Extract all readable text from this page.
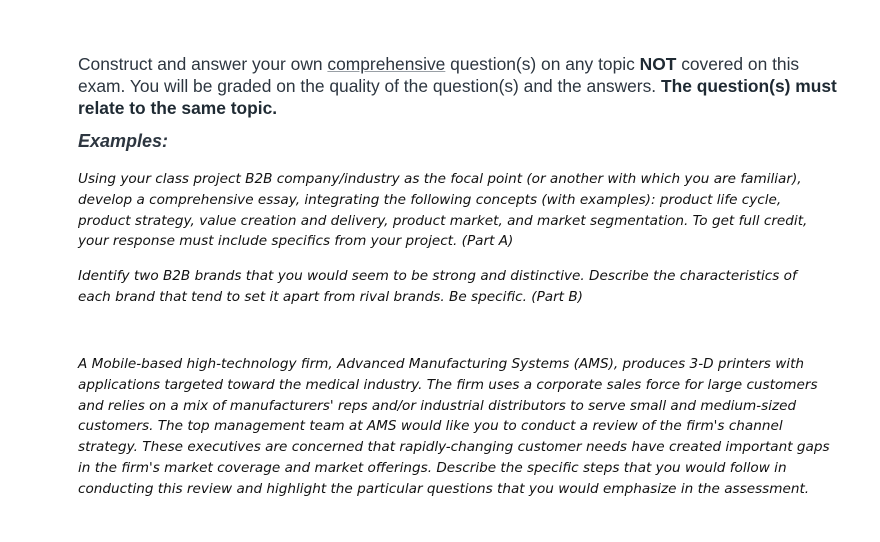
Construct and answer your own comprehensive question(s) on any topic NOT covered on this exam. You will be graded on the quality of the question(s) and the answers. The question(s) must relate to the same topic.

Examples:

Using your class project B2B company/industry as the focal point (or another with which you are familiar), develop a comprehensive essay, integrating the following concepts (with examples): product life cycle, product strategy, value creation and delivery, product market, and market segmentation. To get full credit, your response must include specifics from your project. (Part A)

Identify two B2B brands that you would seem to be strong and distinctive. Describe the characteristics of each brand that tend to set it apart from rival brands. Be specific. (Part B)

A Mobile-based high-technology firm, Advanced Manufacturing Systems (AMS), produces 3-D printers with applications targeted toward the medical industry. The firm uses a corporate sales force for large customers and relies on a mix of manufacturers' reps and/or industrial distributors to serve small and medium-sized customers. The top management team at AMS would like you to conduct a review of the firm's channel strategy. These executives are concerned that rapidly-changing customer needs have created important gaps in the firm's market coverage and market offerings. Describe the specific steps that you would follow in conducting this review and highlight the particular questions that you would emphasize in the assessment.
